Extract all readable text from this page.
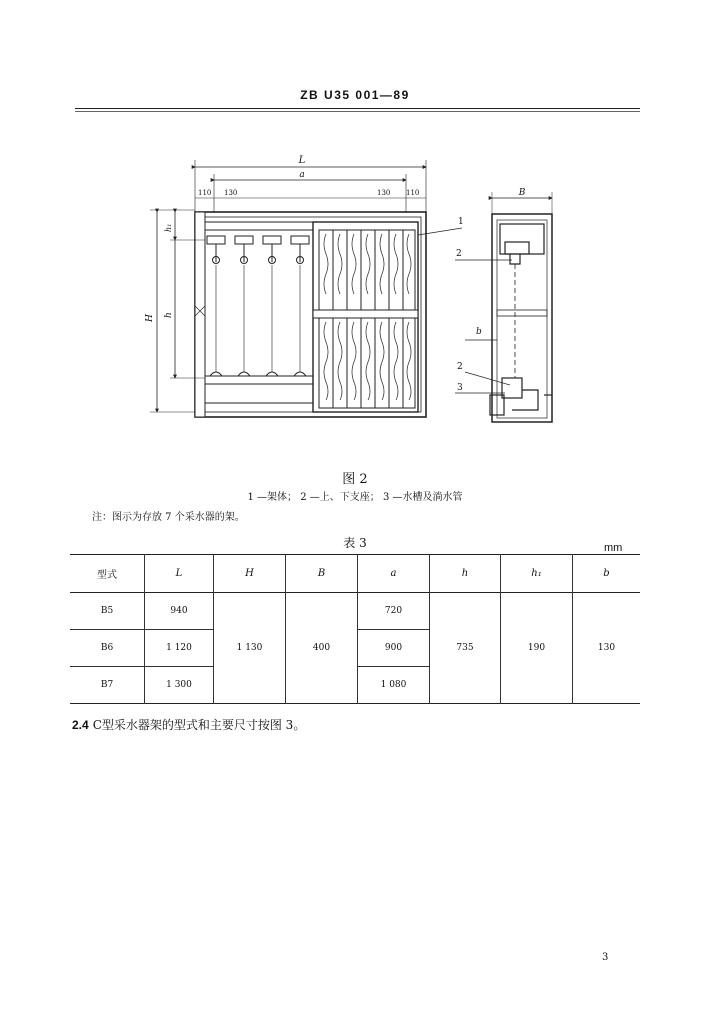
ZB U35 001—89
L
a
110 130	130 110
H h
h₁
1
B
b
2
2
3
图 2
1 —架体； 2 —上、下支座； 3 —水槽及淌水管
注：图示为存放 7 个采水器的架。
表 3	mm
型式	L	H	B	a	h	h₁	b
B5	940	1 130	400	720	735	190	130
B6	1 120			900			
B7	1 300			1 080			
2.4 C型采水器架的型式和主要尺寸按图 3。
3
